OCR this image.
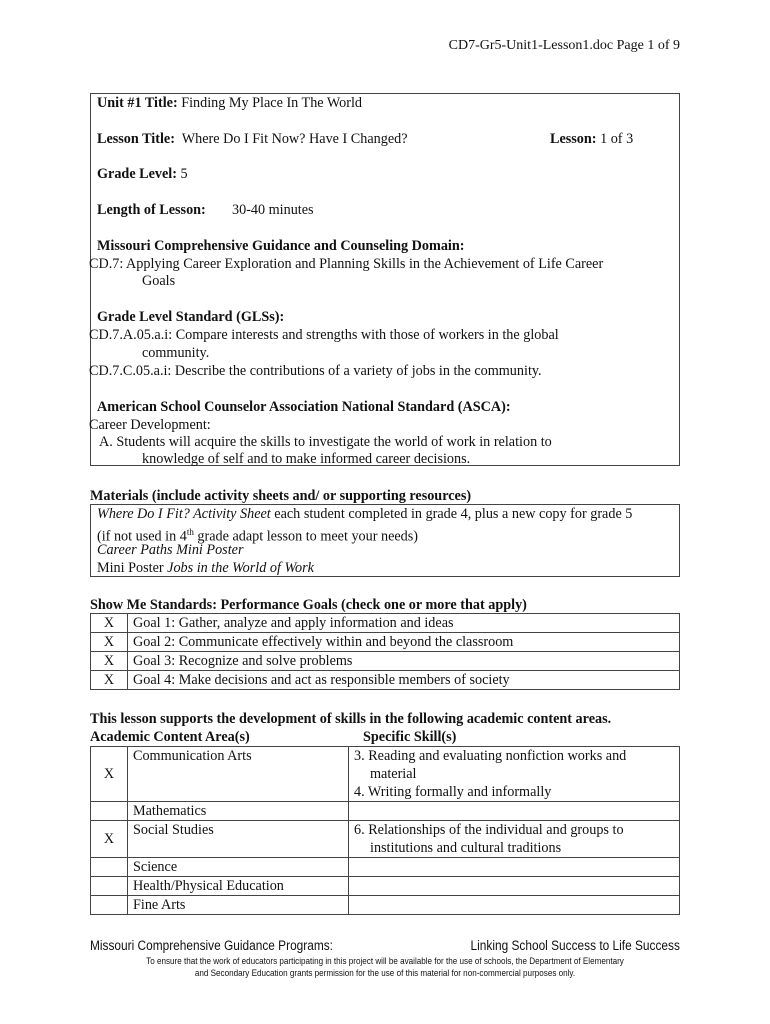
CD7-Gr5-Unit1-Lesson1.doc Page 1 of 9
Unit #1 Title: Finding My Place In The World
Lesson Title: Where Do I Fit Now? Have I Changed?	Lesson: 1 of 3
Grade Level: 5
Length of Lesson: 30-40 minutes
Missouri Comprehensive Guidance and Counseling Domain:
CD.7: Applying Career Exploration and Planning Skills in the Achievement of Life Career
Goals
Grade Level Standard (GLSs):
CD.7.A.05.a.i: Compare interests and strengths with those of workers in the global
community.
CD.7.C.05.a.i: Describe the contributions of a variety of jobs in the community.
American School Counselor Association National Standard (ASCA):
Career Development:
A. Students will acquire the skills to investigate the world of work in relation to
knowledge of self and to make informed career decisions.
Materials (include activity sheets and/ or supporting resources)
Where Do I Fit? Activity Sheet each student completed in grade 4, plus a new copy for grade 5
(if not used in 4th grade adapt lesson to meet your needs)
Career Paths Mini Poster
Mini Poster Jobs in the World of Work
Show Me Standards: Performance Goals (check one or more that apply)
X	Goal 1: Gather, analyze and apply information and ideas
X	Goal 2: Communicate effectively within and beyond the classroom
X	Goal 3: Recognize and solve problems
X	Goal 4: Make decisions and act as responsible members of society
This lesson supports the development of skills in the following academic content areas.
Academic Content Area(s)	Specific Skill(s)
X	Communication Arts	3. Reading and evaluating nonfiction works and
material
4. Writing formally and informally
	Mathematics	
X	Social Studies	6. Relationships of the individual and groups to
institutions and cultural traditions

	Science	
	Health/Physical Education	
	Fine Arts	
Missouri Comprehensive Guidance Programs:	Linking School Success to Life Success
To ensure that the work of educators participating in this project will be available for the use of schools, the Department of Elementary
and Secondary Education grants permission for the use of this material for non-commercial purposes only.
